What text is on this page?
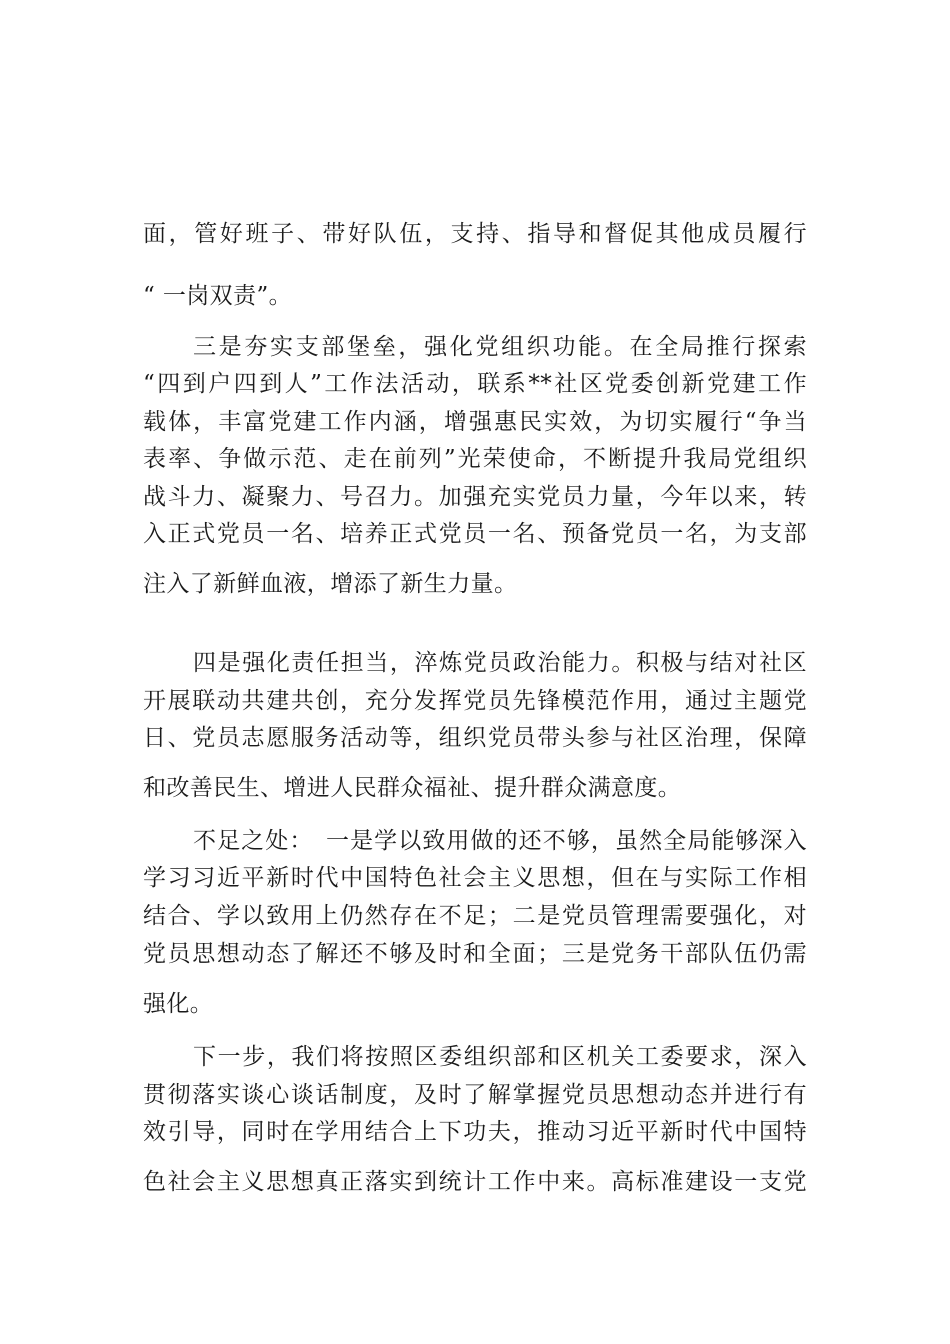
面，管好班子、带好队伍，支持、指导和督促其他成员履行

“ 一岗双责”。

三是夯实支部堡垒，强化党组织功能。在全局推行探索

“四到户四到人”工作法活动，联系**社区党委创新党建工作

载体，丰富党建工作内涵，增强惠民实效，为切实履行“争当

表率、争做示范、走在前列”光荣使命，不断提升我局党组织

战斗力、凝聚力、号召力。加强充实党员力量，今年以来，转

入正式党员一名、培养正式党员一名、预备党员一名，为支部

注入了新鲜血液，增添了新生力量。

四是强化责任担当，淬炼党员政治能力。积极与结对社区

开展联动共建共创，充分发挥党员先锋模范作用，通过主题党

日、党员志愿服务活动等，组织党员带头参与社区治理，保障

和改善民生、增进人民群众福祉、提升群众满意度。

不足之处：　一是学以致用做的还不够，虽然全局能够深入

学习习近平新时代中国特色社会主义思想，但在与实际工作相

结合、学以致用上仍然存在不足；二是党员管理需要强化，对

党员思想动态了解还不够及时和全面；三是党务干部队伍仍需

强化。

下一步，我们将按照区委组织部和区机关工委要求，深入

贯彻落实谈心谈话制度，及时了解掌握党员思想动态并进行有

效引导，同时在学用结合上下功夫，推动习近平新时代中国特

色社会主义思想真正落实到统计工作中来。高标准建设一支党
